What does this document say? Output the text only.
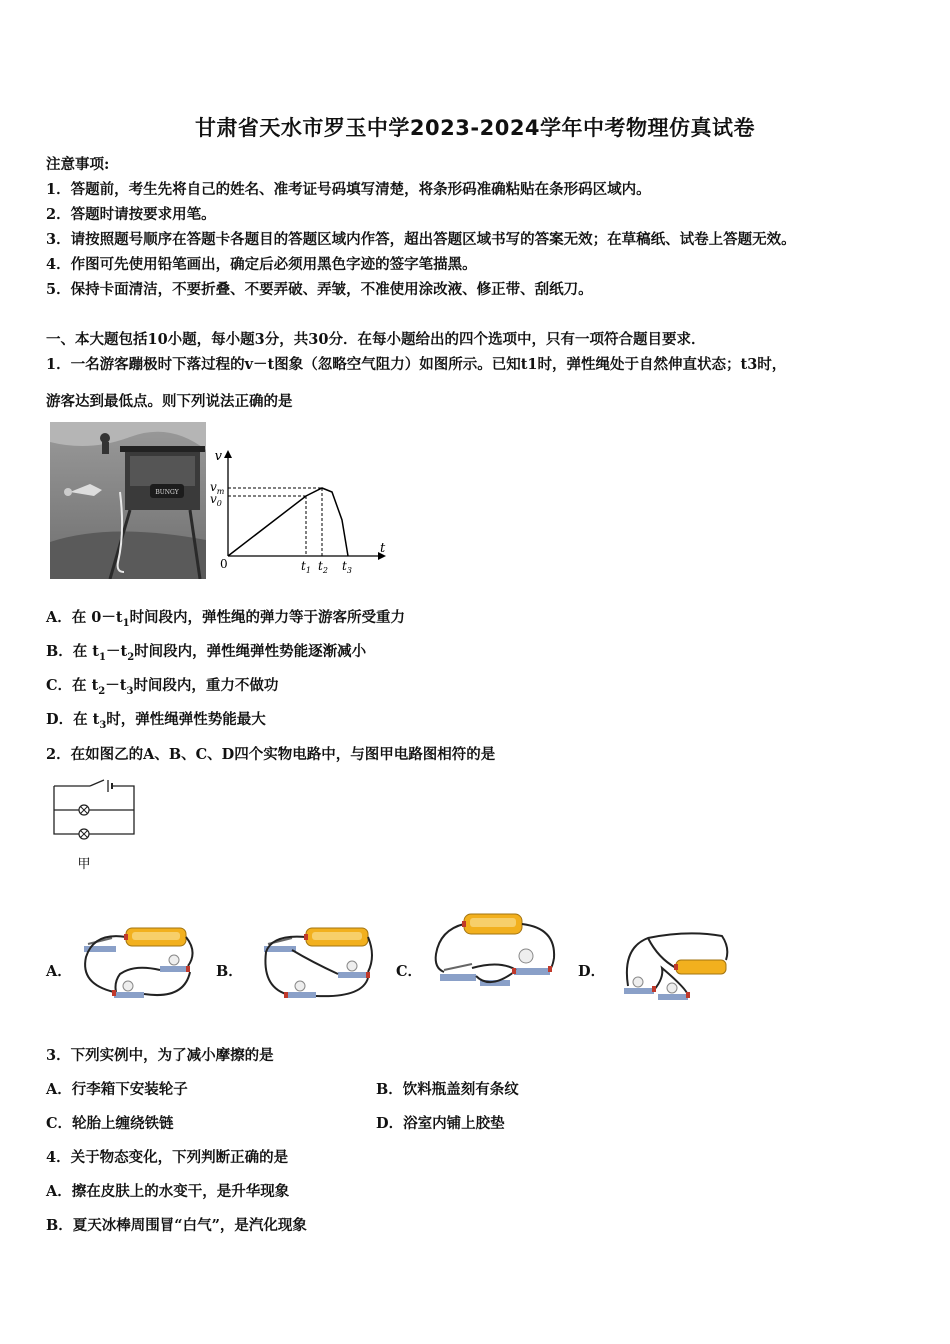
甘肃省天水市罗玉中学2023-2024学年中考物理仿真试卷
注意事项:
1．答题前，考生先将自己的姓名、准考证号码填写清楚，将条形码准确粘贴在条形码区域内。
2．答题时请按要求用笔。
3．请按照题号顺序在答题卡各题目的答题区域内作答，超出答题区域书写的答案无效；在草稿纸、试卷上答题无效。
4．作图可先使用铅笔画出，确定后必须用黑色字迹的签字笔描黑。
5．保持卡面清洁，不要折叠、不要弄破、弄皱，不准使用涂改液、修正带、刮纸刀。
一、本大题包括10小题，每小题3分，共30分．在每小题给出的四个选项中，只有一项符合题目要求．
1．一名游客蹦极时下落过程的v－t图象（忽略空气阻力）如图所示。已知t1时，弹性绳处于自然伸直状态；t3时，
游客达到最低点。则下列说法正确的是
BUNGY
v
t
0
$v_m$
$v_0$
$t_1$ $t_2$ $t_3$
A．在 $0-t_1$时间段内，弹性绳的弹力等于游客所受重力
B．在 $t_1-t_2$时间段内，弹性绳弹性势能逐渐减小
C．在 $t_2-t_3$时间段内，重力不做功
D．在 $t_3$时，弹性绳弹性势能最大
2．在如图乙的A、B、C、D四个实物电路中，与图甲电路图相符的是
甲
A．	B．	C．	D．
3．下列实例中，为了减小摩擦的是
A．行李箱下安装轮子	B．饮料瓶盖刻有条纹
C．轮胎上缠绕铁链	D．浴室内铺上胶垫
4．关于物态变化，下列判断正确的是
A．擦在皮肤上的水变干，是升华现象
B．夏天冰棒周围冒“白气”，是汽化现象
